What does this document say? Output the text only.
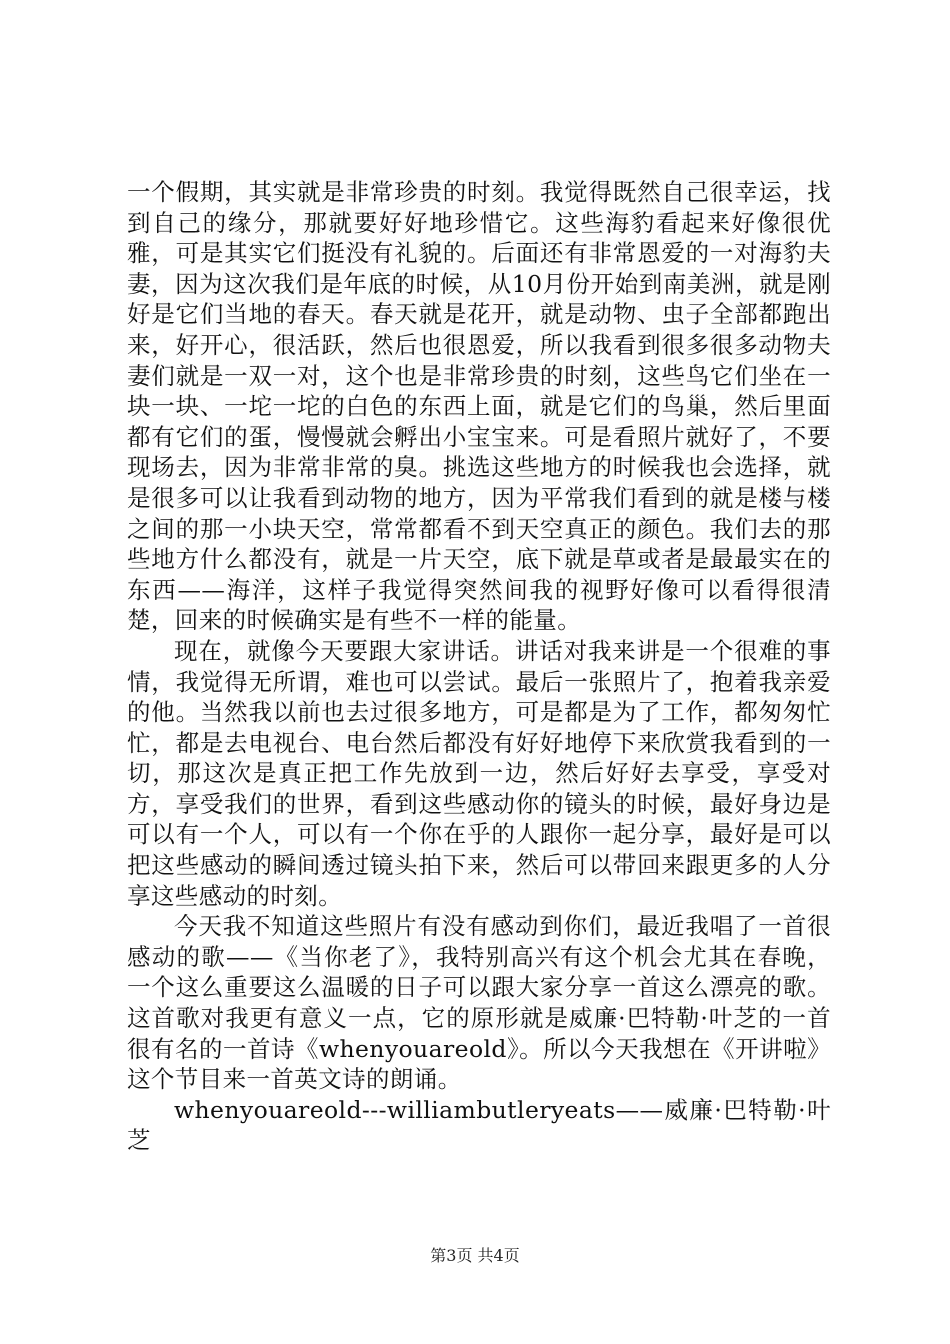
一个假期，其实就是非常珍贵的时刻。我觉得既然自己很幸运，找到自己的缘分，那就要好好地珍惜它。这些海豹看起来好像很优雅，可是其实它们挺没有礼貌的。后面还有非常恩爱的一对海豹夫妻，因为这次我们是年底的时候，从10月份开始到南美洲，就是刚好是它们当地的春天。春天就是花开，就是动物、虫子全部都跑出来，好开心，很活跃，然后也很恩爱，所以我看到很多很多动物夫妻们就是一双一对，这个也是非常珍贵的时刻，这些鸟它们坐在一块一块、一坨一坨的白色的东西上面，就是它们的鸟巢，然后里面都有它们的蛋，慢慢就会孵出小宝宝来。可是看照片就好了，不要现场去，因为非常非常的臭。挑选这些地方的时候我也会选择，就是很多可以让我看到动物的地方，因为平常我们看到的就是楼与楼之间的那一小块天空，常常都看不到天空真正的颜色。我们去的那些地方什么都没有，就是一片天空，底下就是草或者是最最实在的东西——海洋，这样子我觉得突然间我的视野好像可以看得很清楚，回来的时候确实是有些不一样的能量。

现在，就像今天要跟大家讲话。讲话对我来讲是一个很难的事情，我觉得无所谓，难也可以尝试。最后一张照片了，抱着我亲爱的他。当然我以前也去过很多地方，可是都是为了工作，都匆匆忙忙，都是去电视台、电台然后都没有好好地停下来欣赏我看到的一切，那这次是真正把工作先放到一边，然后好好去享受，享受对方，享受我们的世界，看到这些感动你的镜头的时候，最好身边是可以有一个人，可以有一个你在乎的人跟你一起分享，最好是可以把这些感动的瞬间透过镜头拍下来，然后可以带回来跟更多的人分享这些感动的时刻。

今天我不知道这些照片有没有感动到你们，最近我唱了一首很感动的歌——《当你老了》，我特别高兴有这个机会尤其在春晚，一个这么重要这么温暖的日子可以跟大家分享一首这么漂亮的歌。这首歌对我更有意义一点，它的原形就是威廉·巴特勒·叶芝的一首很有名的一首诗《whenyouareold》。所以今天我想在《开讲啦》这个节目来一首英文诗的朗诵。

whenyouareold---williambutleryeats——威廉·巴特勒·叶芝

第3页 共4页
